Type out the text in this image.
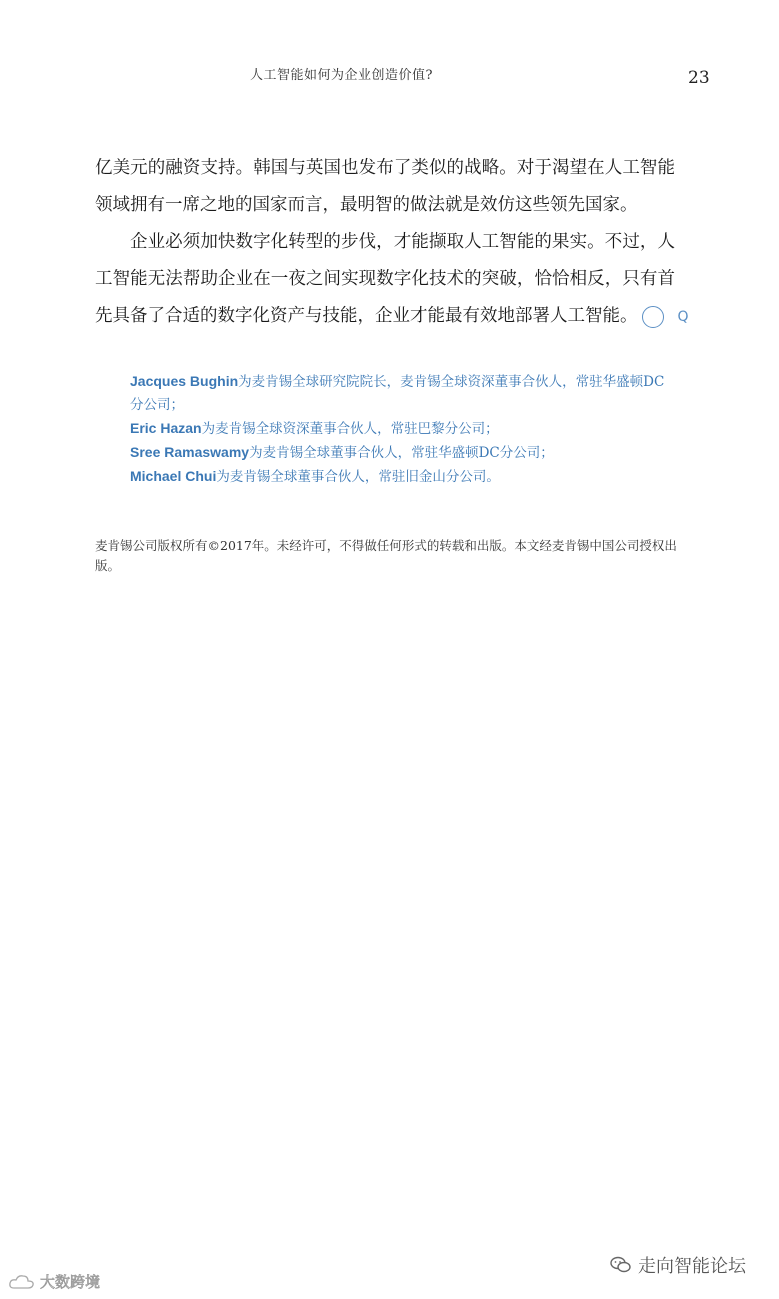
人工智能如何为企业创造价值?	23

亿美元的融资支持。韩国与英国也发布了类似的战略。对于渴望在人工智能领域拥有一席之地的国家而言，最明智的做法就是效仿这些领先国家。

企业必须加快数字化转型的步伐，才能撷取人工智能的果实。不过，人工智能无法帮助企业在一夜之间实现数字化技术的突破，恰恰相反，只有首先具备了合适的数字化资产与技能，企业才能最有效地部署人工智能。	Q

Jacques Bughin为麦肯锡全球研究院院长，麦肯锡全球资深董事合伙人，常驻华盛顿DC分公司；

Eric Hazan为麦肯锡全球资深董事合伙人，常驻巴黎分公司；

Sree Ramaswamy为麦肯锡全球董事合伙人，常驻华盛顿DC分公司；

Michael Chui为麦肯锡全球董事合伙人，常驻旧金山分公司。

麦肯锡公司版权所有©2017年。未经许可，不得做任何形式的转载和出版。本文经麦肯锡中国公司授权出版。
走向智能论坛
大数跨境
